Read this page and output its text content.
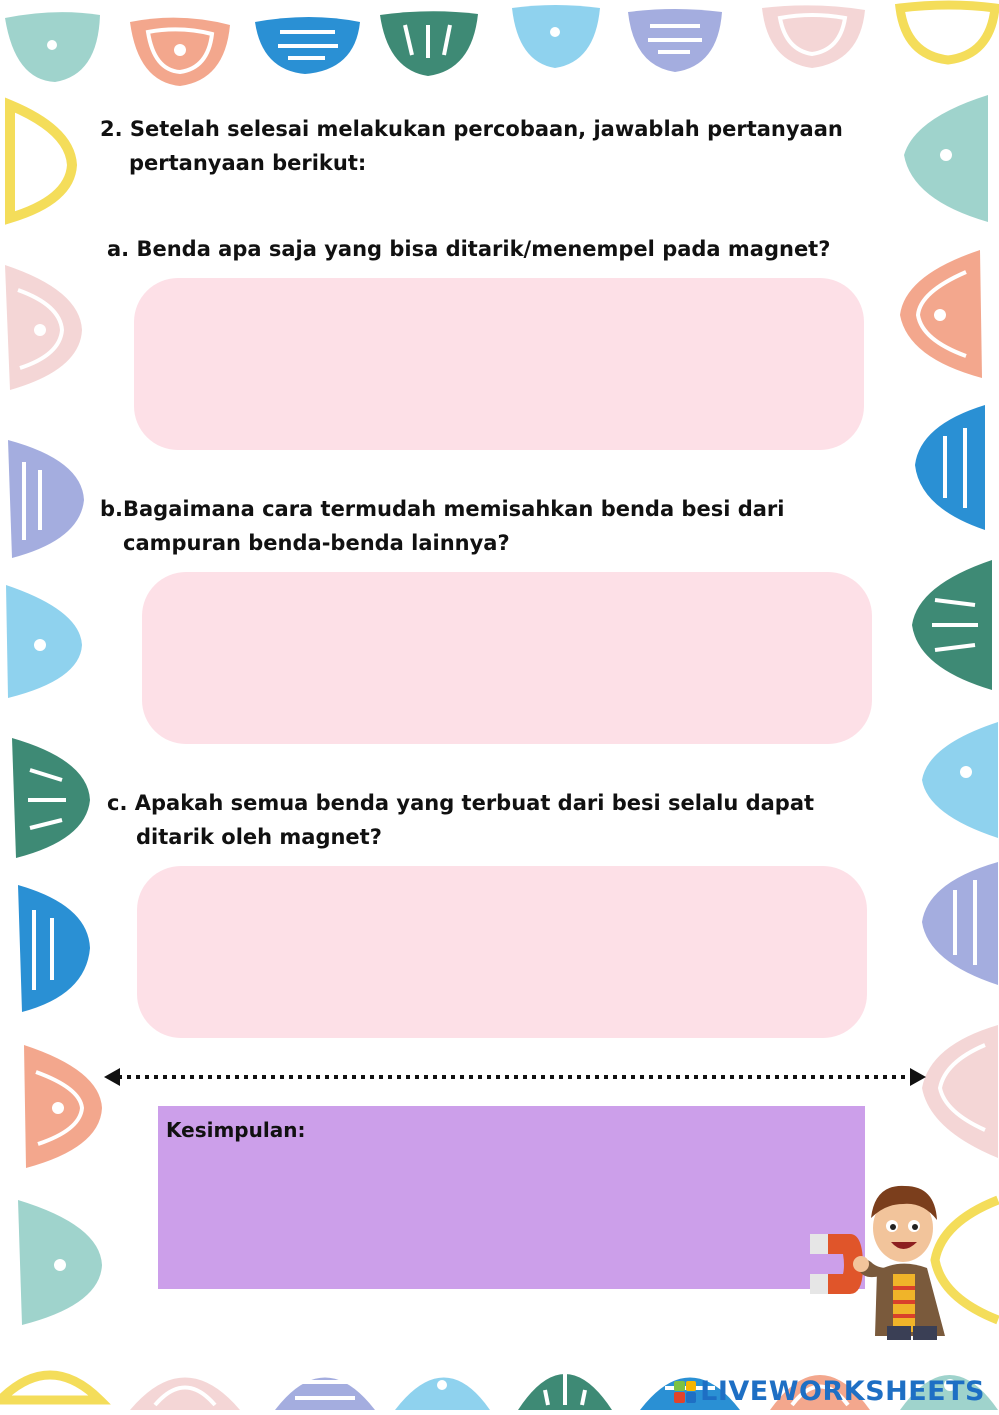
2. Setelah selesai melakukan percobaan, jawablah pertanyaan
pertanyaan berikut:
a. Benda apa saja yang bisa ditarik/menempel pada magnet?
b.Bagaimana cara termudah memisahkan benda besi dari
campuran benda-benda lainnya?
c. Apakah semua benda yang terbuat dari besi selalu dapat
ditarik oleh magnet?
Kesimpulan:
LIVEWORKSHEETS
